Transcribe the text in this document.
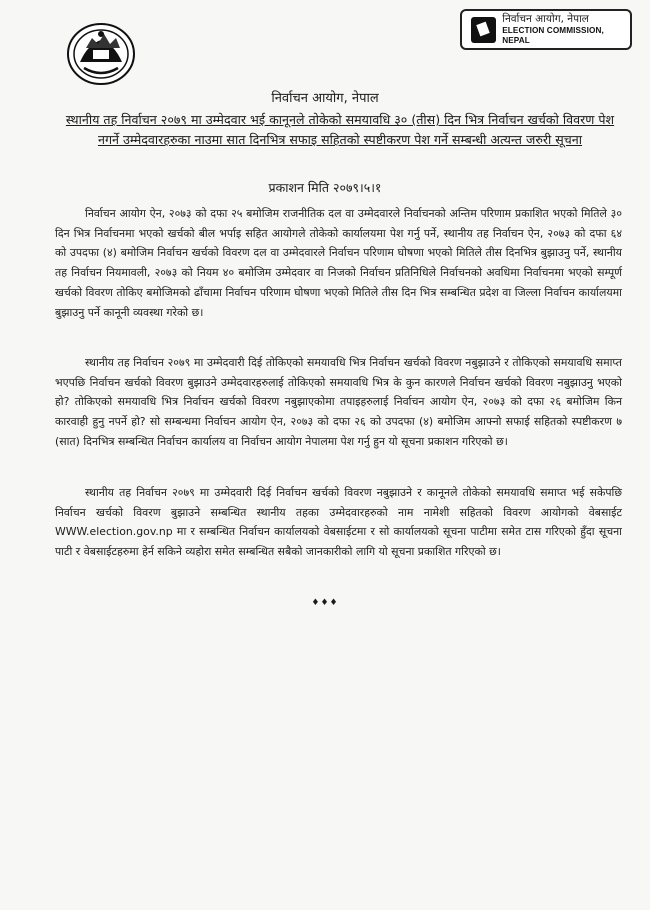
निर्वाचन आयोग, नेपाल
ELECTION COMMISSION, NEPAL
निर्वाचन आयोग, नेपाल
स्थानीय तह निर्वाचन २०७९ मा उम्मेदवार भई कानूनले तोकेको समयावधि ३० (तीस) दिन भित्र निर्वाचन खर्चको विवरण पेश नगर्ने उम्मेदवारहरुका नाउमा सात दिनभित्र सफाइ सहितको स्पष्टीकरण पेश गर्ने सम्बन्धी अत्यन्त जरुरी सूचना
प्रकाशन मिति २०७९।५।१

निर्वाचन आयोग ऐन, २०७३ को दफा २५ बमोजिम राजनीतिक दल वा उम्मेदवारले निर्वाचनको अन्तिम परिणाम प्रकाशित भएको मितिले ३० दिन भित्र निर्वाचनमा भएको खर्चको बील भर्पाइ सहित आयोगले तोकेको कार्यालयमा पेश गर्नु पर्ने, स्थानीय तह निर्वाचन ऐन, २०७३ को दफा ६४ को उपदफा (४) बमोजिम निर्वाचन खर्चको विवरण दल वा उम्मेदवारले निर्वाचन परिणाम घोषणा भएको मितिले तीस दिनभित्र बुझाउनु पर्ने, स्थानीय तह निर्वाचन नियमावली, २०७३ को नियम ४० बमोजिम उम्मेदवार वा निजको निर्वाचन प्रतिनिधिले निर्वाचनको अवधिमा निर्वाचनमा भएको सम्पूर्ण खर्चको विवरण तोकिए बमोजिमको ढाँचामा निर्वाचन परिणाम घोषणा भएको मितिले तीस दिन भित्र सम्बन्धित प्रदेश वा जिल्ला निर्वाचन कार्यालयमा बुझाउनु पर्ने कानूनी व्यवस्था गरेको छ।

स्थानीय तह निर्वाचन २०७९ मा उम्मेदवारी दिई तोकिएको समयावधि भित्र निर्वाचन खर्चको विवरण नबुझाउने र तोकिएको समयावधि समाप्त भएपछि निर्वाचन खर्चको विवरण बुझाउने उम्मेदवारहरुलाई तोकिएको समयावधि भित्र के कुन कारणले निर्वाचन खर्चको विवरण नबुझाउनु भएको हो? तोकिएको समयावधि भित्र निर्वाचन खर्चको विवरण नबुझाएकोमा तपाइहरुलाई निर्वाचन आयोग ऐन, २०७३ को दफा २६ बमोजिम किन कारवाही हुनु नपर्ने हो? सो सम्बन्धमा निर्वाचन आयोग ऐन, २०७३ को दफा २६ को उपदफा (४) बमोजिम आफ्नो सफाई सहितको स्पष्टीकरण ७ (सात) दिनभित्र सम्बन्धित निर्वाचन कार्यालय वा निर्वाचन आयोग नेपालमा पेश गर्नु हुन यो सूचना प्रकाशन गरिएको छ।

स्थानीय तह निर्वाचन २०७९ मा उम्मेदवारी दिई निर्वाचन खर्चको विवरण नबुझाउने र कानूनले तोकेको समयावधि समाप्त भई सकेपछि निर्वाचन खर्चको विवरण बुझाउने सम्बन्धित स्थानीय तहका उम्मेदवारहरुको नाम नामेशी सहितको विवरण आयोगको वेबसाईट WWW.election.gov.np मा र सम्बन्धित निर्वाचन कार्यालयको वेबसाईटमा र सो कार्यालयको सूचना पाटीमा समेत टास गरिएको हुँदा सूचना पाटी र वेबसाईटहरुमा हेर्न सकिने व्यहोरा समेत सम्बन्धित सबैको जानकारीको लागि यो सूचना प्रकाशित गरिएको छ।

♦♦♦
